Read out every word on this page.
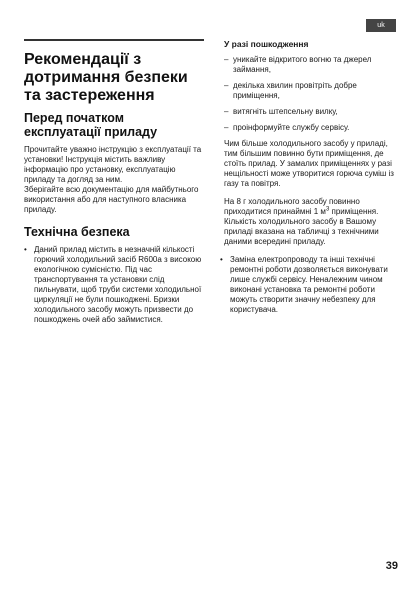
uk
Рекомендації з дотримання безпеки та застереження
Перед початком експлуатації приладу

Прочитайте уважно інструкцію з експлуатації та установки! Інструкція містить важливу інформацію про установку, експлуатацію приладу та догляд за ним.

Зберігайте всю документацію для майбутнього використання або для наступного власника приладу.

Технічна безпека
• Даний прилад містить в незначній кількості горючий холодильний засіб R600a з високою екологічною сумісністю. Під час транспортування та установки слід пильнувати, щоб труби системи холодильної циркуляції не були пошкоджені. Бризки холодильного засобу можуть призвести до пошкоджень очей або займистися.
У разі пошкодження
– уникайте відкритого вогню та джерел займання,
– декілька хвилин провітріть добре приміщення,
– витягніть штепсельну вилку,
– проінформуйте службу сервісу.

Чим більше холодильного засобу у приладі, тим більшим повинно бути приміщення, де стоїть прилад. У замалих приміщеннях у разі нещільності може утворитися горюча суміш із газу та повітря.

На 8 г холодильного засобу повинно приходитися принаймні 1 $м^3$ приміщення. Кількість холодильного засобу в Вашому приладі вказана на табличці з технічними даними всередині приладу.

• Заміна електропроводу та інші технічні ремонтні роботи дозволяється виконувати лише службі сервісу. Неналежним чином виконані установка та ремонтні роботи можуть створити значну небезпеку для користувача.
39
